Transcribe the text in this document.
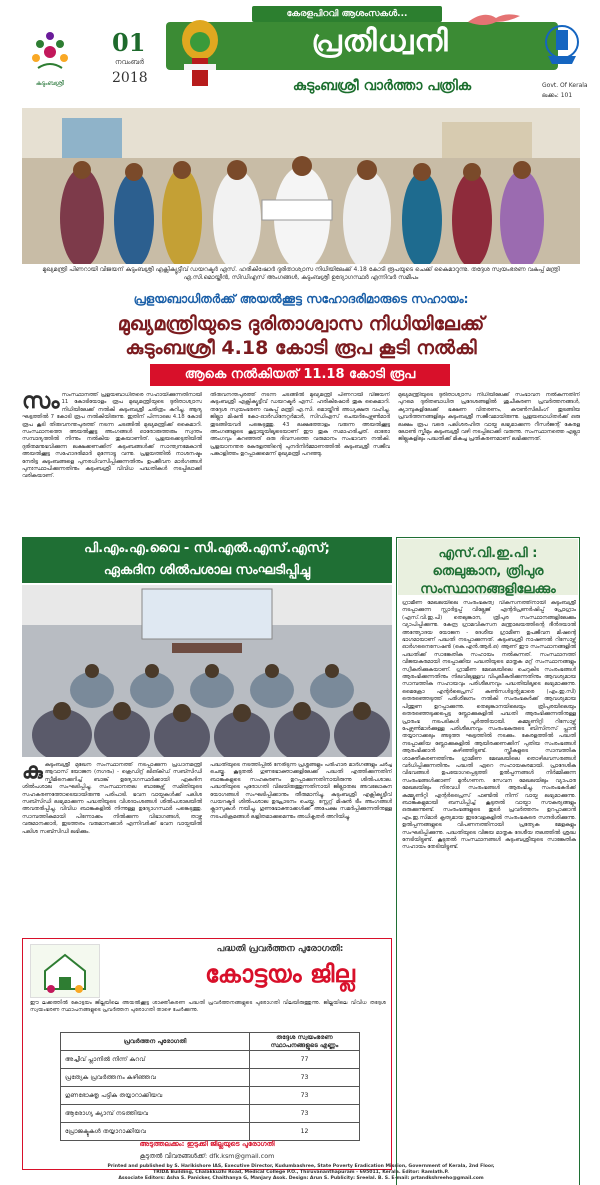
കുടുംബശ്രീ
01
നവംബർ
2018
കേരളപിറവി ആശംസകൾ...
പ്രതിധ്വനി
കുടുംബശ്രീ വാർത്താ പത്രിക	Govt. Of Kerala
ലക്കം: 101
മുഖ്യമന്ത്രി പിണറായി വിജയന് കുടുംബശ്രീ എക്സിക്യൂട്ടീവ് ഡയറക്ടർ എസ്. ഹരികിഷോർ ദുരിതാശ്വാസ നിധിയിലേക്ക് 4.18 കോടി രൂപയുടെ ചെക്ക് കൈമാറുന്നു. തദ്ദേശ സ്വയംഭരണ വകുപ്പ് മന്ത്രി എ.സി.മൊയ്തീൻ, സിഡിഎസ് അംഗങ്ങൾ, കുടുംബശ്രീ ഉദ്യോഗസ്ഥർ എന്നിവർ സമീപം
പ്രളയബാധിതർക്ക് അയൽക്കൂട്ട സഹോദരിമാരുടെ സഹായം:
മുഖ്യമന്ത്രിയുടെ ദുരിതാശ്വാസ നിധിയിലേക്ക്
കുടുംബശ്രീ 4.18 കോടി രൂപ കൂടി നൽകി
ആകെ നൽകിയത് 11.18 കോടി രൂപ
സം സംസ്ഥാനത്ത് പ്രളയബാധിതരെ സഹായിക്കുന്നതിനായി 11 കോടിയോളം രൂപ മുഖ്യമന്ത്രിയുടെ ദുരിതാശ്വാസ നിധിയിലേക്ക് നൽകി കുടുംബശ്രീ ചരിത്രം കുറിച്ചു. ആദ്യ ഘട്ടത്തിൽ 7 കോടി രൂപ നൽകിയിരുന്നു. ഇതിന് പിന്നാലെ 4.18 കോടി രൂപ കൂടി തിരുവനന്തപുരത്ത് നടന്ന ചടങ്ങിൽ മുഖ്യമന്ത്രിക്ക് കൈമാറി. സംസ്ഥാനത്തെ അയൽക്കൂട്ട അംഗങ്ങൾ ഓരോരുത്തരും സ്വന്തം സമ്പാദ്യത്തിൽ നിന്നും നൽകിയ തുകയാണിത്. പ്രളയക്കെടുതിയിൽ ദുരിതമനുഭവിക്കുന്ന ലക്ഷക്കണക്കിന് കുടുംബങ്ങൾക്ക് സാന്ത്വനമേകാൻ അയൽക്കൂട്ട സഹോദരിമാർ മുന്നോട്ടു വന്നു. പ്രളയത്തിൽ നാശനഷ്ടം നേരിട്ട കുടുംബങ്ങളെ പുനരധിവസിപ്പിക്കുന്നതിനും ഉപജീവന മാർഗങ്ങൾ പുനഃസ്ഥാപിക്കുന്നതിനും കുടുംബശ്രീ വിവിധ പദ്ധതികൾ നടപ്പിലാക്കി വരികയാണ്.
തിരുവനന്തപുരത്ത് നടന്ന ചടങ്ങിൽ മുഖ്യമന്ത്രി പിണറായി വിജയന് കുടുംബശ്രീ എക്സിക്യൂട്ടീവ് ഡയറക്ടർ എസ്. ഹരികിഷോർ തുക കൈമാറി. തദ്ദേശ സ്വയംഭരണ വകുപ്പ് മന്ത്രി എ.സി. മൊയ്തീൻ അധ്യക്ഷത വഹിച്ചു. ജില്ലാ മിഷൻ കോ-ഓർഡിനേറ്റർമാർ, സിഡിഎസ് ചെയർപേഴ്സൺമാർ തുടങ്ങിയവർ പങ്കെടുത്തു. 43 ലക്ഷത്തോളം വരുന്ന അയൽക്കൂട്ട അംഗങ്ങളുടെ കൂട്ടായ്മയിലൂടെയാണ് ഈ തുക സമാഹരിച്ചത്. ഓരോ അംഗവും കുറഞ്ഞത് ഒരു ദിവസത്തെ വരുമാനം സംഭാവന നൽകി. പ്രളയാനന്തര കേരളത്തിന്റെ പുനർനിർമ്മാണത്തിൽ കുടുംബശ്രീ സജീവ പങ്കാളിത്തം ഉറപ്പാക്കുമെന്ന് മുഖ്യമന്ത്രി പറഞ്ഞു.
മുഖ്യമന്ത്രിയുടെ ദുരിതാശ്വാസ നിധിയിലേക്ക് സംഭാവന നൽകുന്നതിന് പുറമെ ദുരിതബാധിത പ്രദേശങ്ങളിൽ ശുചീകരണ പ്രവർത്തനങ്ങൾ, ക്യാമ്പുകളിലേക്ക് ഭക്ഷണ വിതരണം, കൗൺസിലിംഗ് തുടങ്ങിയ പ്രവർത്തനങ്ങളിലും കുടുംബശ്രീ സജീവമായിരുന്നു. പ്രളയബാധിതർക്ക് ഒരു ലക്ഷം രൂപ വരെ പലിശരഹിത വായ്പ ലഭ്യമാക്കുന്ന റീസർജന്റ് കേരള ലോൺ സ്കീമും കുടുംബശ്രീ വഴി നടപ്പിലാക്കി വരുന്നു. സംസ്ഥാനത്തെ എല്ലാ ജില്ലകളിലും പദ്ധതിക്ക് മികച്ച പ്രതികരണമാണ് ലഭിക്കുന്നത്.
പി.എം.എ.വൈ - സി.എൽ.എസ്.എസ്;
ഏകദിന ശിൽപശാല സംഘടിപ്പിച്ചു
കു കുടുംബശ്രീ മുഖേന സംസ്ഥാനത്ത് നടപ്പാക്കുന്ന പ്രധാനമന്ത്രി ആവാസ് യോജന (നഗരം) - ക്രെഡിറ്റ് ലിങ്ക്ഡ് സബ്സിഡി സ്കീമിനെക്കുറിച്ച് ബാങ്ക് ഉദ്യോഗസ്ഥർക്കായി ഏകദിന ശിൽപശാല സംഘടിപ്പിച്ചു. സംസ്ഥാനതല ബാങ്കേഴ്സ് സമിതിയുടെ സഹകരണത്തോടെയായിരുന്നു പരിപാടി. ഭവന വായ്പകൾക്ക് പലിശ സബ്സിഡി ലഭ്യമാക്കുന്ന പദ്ധതിയുടെ വിശദാംശങ്ങൾ ശിൽപശാലയിൽ അവതരിപ്പിച്ചു. വിവിധ ബാങ്കുകളിൽ നിന്നുള്ള ഉദ്യോഗസ്ഥർ പങ്കെടുത്തു. സാമ്പത്തികമായി പിന്നോക്കം നിൽക്കുന്ന വിഭാഗങ്ങൾ, താഴ്ന്ന വരുമാനക്കാർ, ഇടത്തരം വരുമാനക്കാർ എന്നിവർക്ക് ഭവന വായ്പയിൽ പലിശ സബ്സിഡി ലഭിക്കും.
പദ്ധതിയുടെ നടത്തിപ്പിൽ നേരിടുന്ന പ്രശ്നങ്ങളും പരിഹാര മാർഗങ്ങളും ചർച്ച ചെയ്തു. കൂടുതൽ ഗുണഭോക്താക്കളിലേക്ക് പദ്ധതി എത്തിക്കുന്നതിന് ബാങ്കുകളുടെ സഹകരണം ഉറപ്പാക്കുന്നതിനായിരുന്നു ശിൽപശാല. പദ്ധതിയുടെ പുരോഗതി വിലയിരുത്തുന്നതിനായി ജില്ലാതല അവലോകന യോഗങ്ങൾ സംഘടിപ്പിക്കാനും തീരുമാനിച്ചു. കുടുംബശ്രീ എക്സിക്യൂട്ടീവ് ഡയറക്ടർ ശിൽപശാല ഉദ്ഘാടനം ചെയ്തു. സ്റ്റേറ്റ് മിഷൻ ടീം അംഗങ്ങൾ ക്ലാസുകൾ നയിച്ചു. ഗുണഭോക്താക്കൾക്ക് അപേക്ഷ സമർപ്പിക്കുന്നതിനുള്ള നടപടിക്രമങ്ങൾ ലളിതമാക്കുമെന്നും അധികൃതർ അറിയിച്ചു.
എസ്.വി.ഇ.പി :
തെലുങ്കാന, ത്രിപുര
സംസ്ഥാനങ്ങളിലേക്കും
ഗ്രാമീണ മേഖലയിലെ സംരംഭകത്വ വികസനത്തിനായി കുടുംബശ്രീ നടപ്പാക്കുന്ന സ്റ്റാർട്ടപ്പ് വില്ലേജ് എന്റർപ്രണർഷിപ്പ് പ്രോഗ്രാം (എസ്.വി.ഇ.പി) തെലുങ്കാന, ത്രിപുര സംസ്ഥാനങ്ങളിലേക്കും വ്യാപിപ്പിക്കുന്നു. കേന്ദ്ര ഗ്രാമവികസന മന്ത്രാലയത്തിന്റെ ദീൻദയാൽ അന്ത്യോദയ യോജന - ദേശീയ ഗ്രാമീണ ഉപജീവന മിഷന്റെ ഭാഗമായാണ് പദ്ധതി നടപ്പാക്കുന്നത്. കുടുംബശ്രീ നാഷണൽ റിസോഴ്സ് ഓർഗനൈസേഷൻ (കെ.എൻ.ആർ.ഒ) ആണ് ഈ സംസ്ഥാനങ്ങളിൽ പദ്ധതിക്ക് സാങ്കേതിക സഹായം നൽകുന്നത്. സംസ്ഥാനത്ത് വിജയകരമായി നടപ്പാക്കിയ പദ്ധതിയുടെ മാതൃക മറ്റ് സംസ്ഥാനങ്ങളും സ്വീകരിക്കുകയാണ്. ഗ്രാമീണ മേഖലയിലെ ചെറുകിട സംരംഭങ്ങൾ ആരംഭിക്കുന്നതിനും നിലവിലുള്ളവ വിപുലീകരിക്കുന്നതിനും ആവശ്യമായ സാമ്പത്തിക സഹായവും പരിശീലനവും പദ്ധതിയിലൂടെ ലഭ്യമാക്കുന്നു. മൈക്രോ എന്റർപ്രൈസ് കൺസൾട്ടന്റുമാരെ (എം.ഇ.സി) തെരഞ്ഞെടുത്ത് പരിശീലനം നൽകി സംരംഭകർക്ക് ആവശ്യമായ പിന്തുണ ഉറപ്പാക്കുന്നു. തെലുങ്കാനയിലെയും ത്രിപുരയിലെയും തെരഞ്ഞെടുക്കപ്പെട്ട ബ്ലോക്കുകളിൽ പദ്ധതി ആരംഭിക്കുന്നതിനുള്ള പ്രാരംഭ നടപടികൾ പൂർത്തിയായി. കമ്മ്യൂണിറ്റി റിസോഴ്സ് പേഴ്സൺമാർക്കുള്ള പരിശീലനവും സംരംഭകരുടെ ബിസിനസ് പ്ലാൻ തയ്യാറാക്കലും അടുത്ത ഘട്ടത്തിൽ നടക്കും. കേരളത്തിൽ പദ്ധതി നടപ്പാക്കിയ ബ്ലോക്കുകളിൽ ആയിരക്കണക്കിന് പുതിയ സംരംഭങ്ങൾ ആരംഭിക്കാൻ കഴിഞ്ഞിട്ടുണ്ട്. സ്ത്രീകളുടെ സാമ്പത്തിക ശാക്തീകരണത്തിനും ഗ്രാമീണ മേഖലയിലെ തൊഴിലവസരങ്ങൾ വർധിപ്പിക്കുന്നതിനും പദ്ധതി ഏറെ സഹായകരമായി. പ്രാദേശിക വിഭവങ്ങൾ ഉപയോഗപ്പെടുത്തി ഉൽപ്പന്നങ്ങൾ നിർമ്മിക്കുന്ന സംരംഭങ്ങൾക്കാണ് മുൻഗണന. സേവന മേഖലയിലും വ്യാപാര മേഖലയിലും നിരവധി സംരംഭങ്ങൾ ആരംഭിച്ചു. സംരംഭകർക്ക് കമ്മ്യൂണിറ്റി എന്റർപ്രൈസ് ഫണ്ടിൽ നിന്ന് വായ്പ ലഭ്യമാക്കുന്നു. ബാങ്കുകളുമായി ബന്ധിപ്പിച്ച് കൂടുതൽ വായ്പാ സൗകര്യങ്ങളും ഒരുക്കുന്നുണ്ട്. സംരംഭങ്ങളുടെ തുടർ പ്രവർത്തനം ഉറപ്പാക്കാൻ എം.ഇ.സിമാർ കൃത്യമായ ഇടവേളകളിൽ സംരംഭകരെ സന്ദർശിക്കുന്നു. ഉൽപ്പന്നങ്ങളുടെ വിപണനത്തിനായി പ്രത്യേക മേളകളും സംഘടിപ്പിക്കുന്നു. പദ്ധതിയുടെ വിജയ മാതൃക ദേശീയ തലത്തിൽ ശ്രദ്ധ നേടിയിട്ടുണ്ട്. കൂടുതൽ സംസ്ഥാനങ്ങൾ കുടുംബശ്രീയുടെ സാങ്കേതിക സഹായം തേടിയിട്ടുണ്ട്.
പദ്ധതി പ്രവർത്തന പുരോഗതി:
കോട്ടയം ജില്ല
ഈ ലക്കത്തിൽ കോട്ടയം ജില്ലയിലെ അയൽക്കൂട്ട ശാക്തീകരണ പദ്ധതി പ്രവർത്തനങ്ങളുടെ പുരോഗതി വിലയിരുത്തുന്നു. ജില്ലയിലെ വിവിധ തദ്ദേശ സ്വയംഭരണ സ്ഥാപനങ്ങളുടെ പ്രവർത്തന പുരോഗതി താഴെ ചേർക്കുന്നു.
പ്രവർത്തന പുരോഗതി	തദ്ദേശ സ്വയംഭരണ സ്ഥാപനങ്ങളുടെ എണ്ണം
അച്ചീവ് പ്ലാനിൽ നിന്ന് കുറവ്	77
പ്രത്യേക പ്രവർത്തനം കഴിഞ്ഞവ	73
ഗുണഭോക്തൃ പട്ടിക തയ്യാറാക്കിയവ	73
ആരോഗ്യ ക്യാമ്പ് നടത്തിയവ	73
പ്രോജക്ടുകൾ തയ്യാറാക്കിയവ	12
അടുത്തലക്കം: ഇടുക്കി ജില്ലയുടെ പുരോഗതി
കൂടുതൽ വിവരങ്ങൾക്ക്: dfk.ksm@gmail.com
Printed and published by S. Harikishore IAS, Executive Director, Kudumbashree, State Poverty Eradication Mission, Government of Kerala, 2nd Floor,
TRIDA Building, Chalakkuzhi Road, Medical College P.O., Thiruvananthapuram - 695011, Kerala. Editor: Ramlath.P.
Associate Editors: Asha S. Panicker, Chaithanya G, Manjary Asok. Design: Arun S. Publicity: Sreelal. B. S. E-mail: prtandkshreeho@gmail.com
